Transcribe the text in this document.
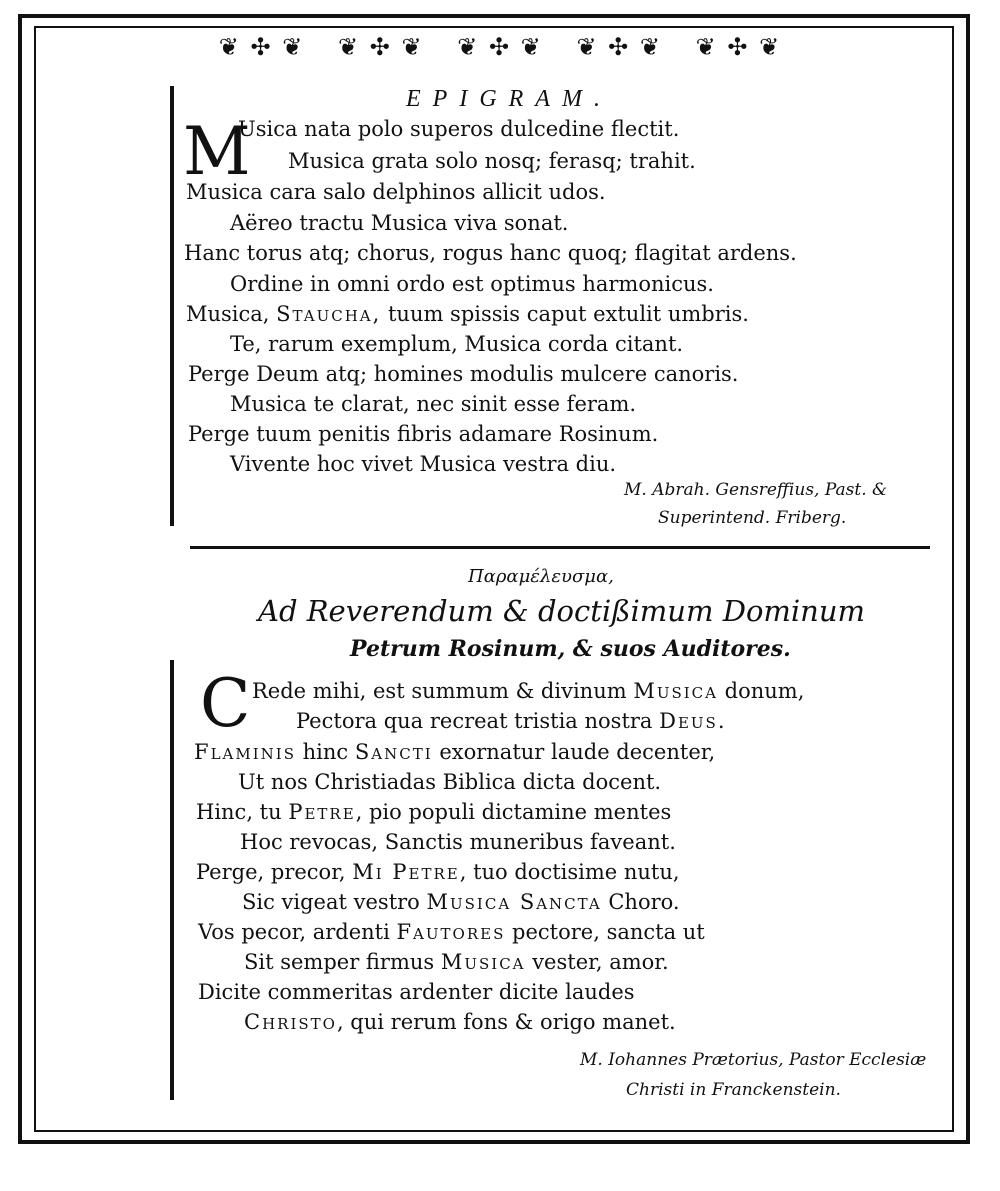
❦ ✣ ❦ ❦ ✣ ❦ ❦ ✣ ❦ ❦ ✣ ❦ ❦ ✣ ❦
EPIGRAM.
M
Usica nata polo superos dulcedine flectit.
Musica grata solo nosq; ferasq; trahit.
Musica cara salo delphinos allicit udos.
Aëreo tractu Musica viva sonat.
Hanc torus atq; chorus, rogus hanc quoq; flagitat ardens.
Ordine in omni ordo est optimus harmonicus.
Musica, Staucha, tuum spissis caput extulit umbris.
Te, rarum exemplum, Musica corda citant.
Perge Deum atq; homines modulis mulcere canoris.
Musica te clarat, nec sinit esse feram.
Perge tuum penitis fibris adamare Rosinum.
Vivente hoc vivet Musica vestra diu.
M. Abrah. Gensreffius, Past. &
Superintend. Friberg.
Παραμέλευσμα,
Ad Reverendum & doctißimum Dominum
Petrum Rosinum, & suos Auditores.
C Rede mihi, est summum & divinum Musica donum,
Pectora qua recreat tristia nostra Deus.
Flaminis hinc Sancti exornatur laude decenter,
Ut nos Christiadas Biblica dicta docent.
Hinc, tu Petre, pio populi dictamine mentes
Hoc revocas, Sanctis muneribus faveant.
Perge, precor, Mi Petre, tuo doctisime nutu,
Sic vigeat vestro Musica Sancta Choro.
Vos pecor, ardenti Fautores pectore, sancta ut
Sit semper firmus Musica vester, amor.
Dicite commeritas ardenter dicite laudes
Christo, qui rerum fons & origo manet.
M. Iohannes Prætorius, Pastor Ecclesiæ
Christi in Franckenstein.
